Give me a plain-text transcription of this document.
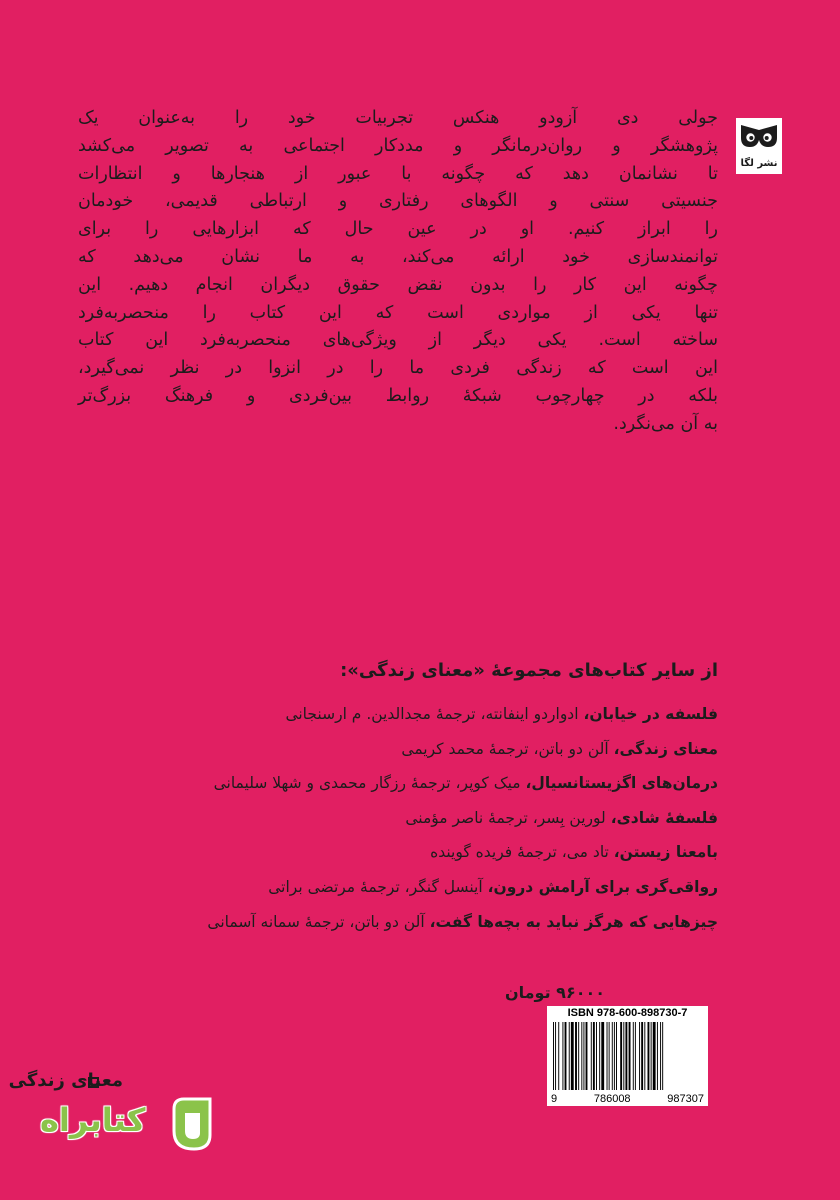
نشر لگا

جولی دی آزودو هنکس تجربیات خود را به‌عنوان یک
پژوهشگر و روان‌درمانگر و مددکار اجتماعی به تصویر می‌کشد
تا نشانمان دهد که چگونه با عبور از هنجارها و انتظارات
جنسیتی سنتی و الگوهای رفتاری و ارتباطی قدیمی، خودمان
را ابراز کنیم. او در عین حال که ابزارهایی را برای
توانمندسازی خود ارائه می‌کند، به ما نشان می‌دهد که
چگونه این کار را بدون نقض حقوق دیگران انجام دهیم. این
تنها یکی از مواردی است که این کتاب را منحصربه‌فرد
ساخته است. یکی دیگر از ویژگی‌های منحصربه‌فرد این کتاب
این است که زندگی فردی ما را در انزوا در نظر نمی‌گیرد،
بلکه در چهارچوب شبکهٔ روابط بین‌فردی و فرهنگ بزرگ‌تر
به آن می‌نگرد.

از سایر کتاب‌های مجموعهٔ «معنای زندگی»:
فلسفه در خیابان، ادواردو اینفانته، ترجمهٔ مجدالدین. م ارسنجانی
معنای زندگی، آلن دو باتن، ترجمهٔ محمد کریمی
درمان‌های اگزیستانسیال، میک کوپر، ترجمهٔ رزگار محمدی و شهلا سلیمانی
فلسفهٔ شادی، لورین بِسر، ترجمهٔ ناصر مؤمنی
بامعنا زیستن، تاد می، ترجمهٔ فریده گوینده
رواقی‌گری برای آرامش درون، آینسل گنگر، ترجمهٔ مرتضی براتی
چیزهایی که هرگز نباید به بچه‌ها گفت، آلن دو باتن، ترجمهٔ سمانه آسمانی
۹۶۰۰۰ تومان
ISBN 978-600-898730-7
9	786008	987307
معنای زندگی
کتابراه
